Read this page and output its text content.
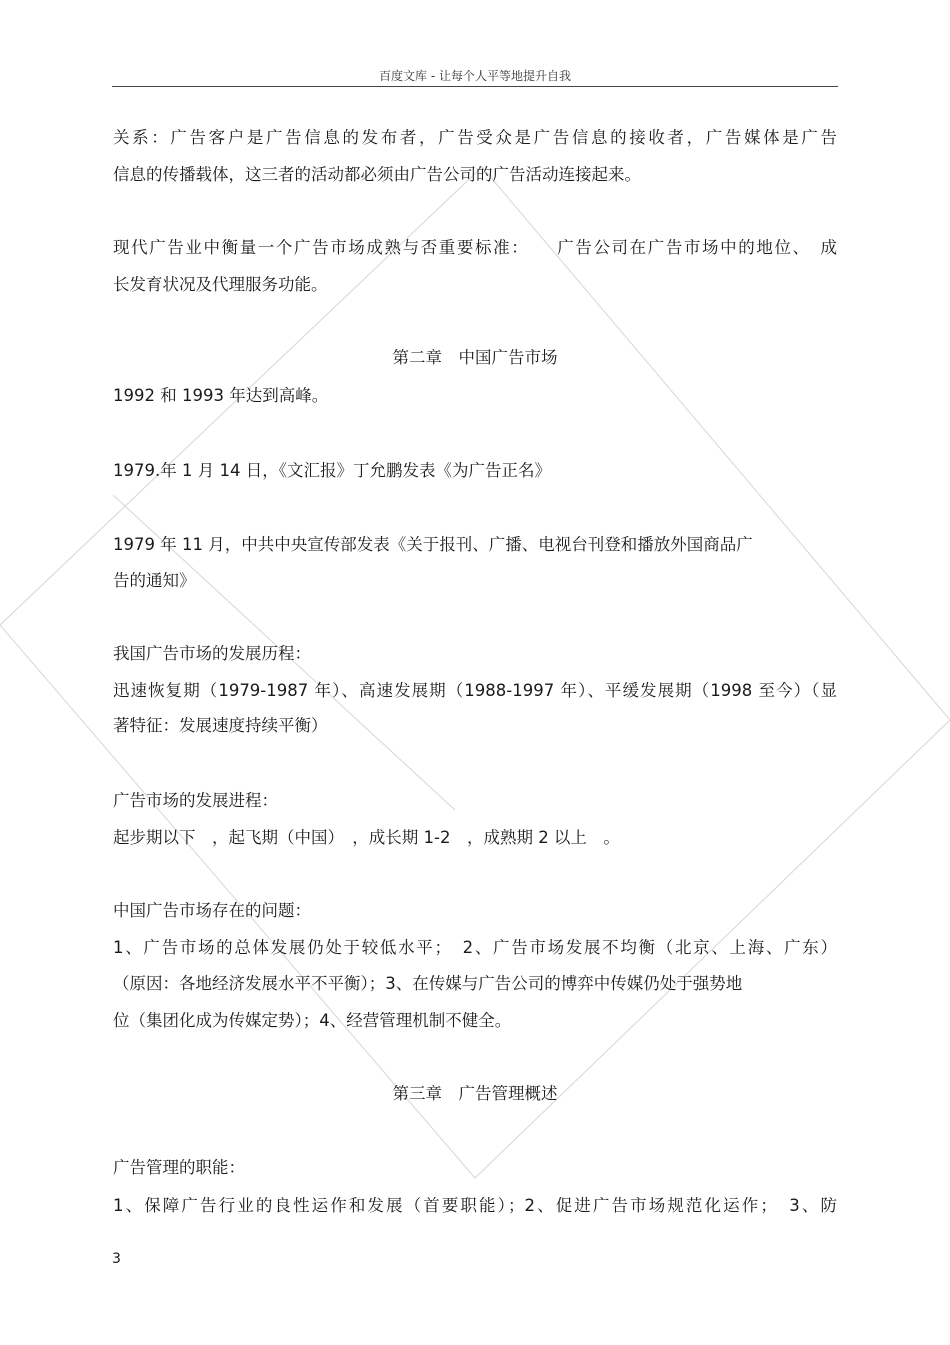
百度文库 - 让每个人平等地提升自我
关系：广告客户是广告信息的发布者，广告受众是广告信息的接收者，广告媒体是广告
信息的传播载体，这三者的活动都必须由广告公司的广告活动连接起来。
现代广告业中衡量一个广告市场成熟与否重要标准：　　广告公司在广告市场中的地位、　成
长发育状况及代理服务功能。
第二章　中国广告市场
1992 和 1993 年达到高峰。
1979.年 1 月 14 日，《文汇报》丁允鹏发表《为广告正名》
1979 年 11 月，中共中央宣传部发表《关于报刊、广播、电视台刊登和播放外国商品广
告的通知》
我国广告市场的发展历程：
迅速恢复期（1979-1987 年）、高速发展期（1988-1997 年）、平缓发展期（1998 至今）（显
著特征：发展速度持续平衡）
广告市场的发展进程：
起步期以下　，起飞期（中国）　，成长期 1-2　，成熟期 2 以上　。
中国广告市场存在的问题：
1、广告市场的总体发展仍处于较低水平；　2、广告市场发展不均衡（北京、上海、广东）
（原因：各地经济发展水平不平衡）；3、在传媒与广告公司的博弈中传媒仍处于强势地
位（集团化成为传媒定势）；4、经营管理机制不健全。
第三章　广告管理概述
广告管理的职能：
1、保障广告行业的良性运作和发展（首要职能）；2、促进广告市场规范化运作；　3、防
3
